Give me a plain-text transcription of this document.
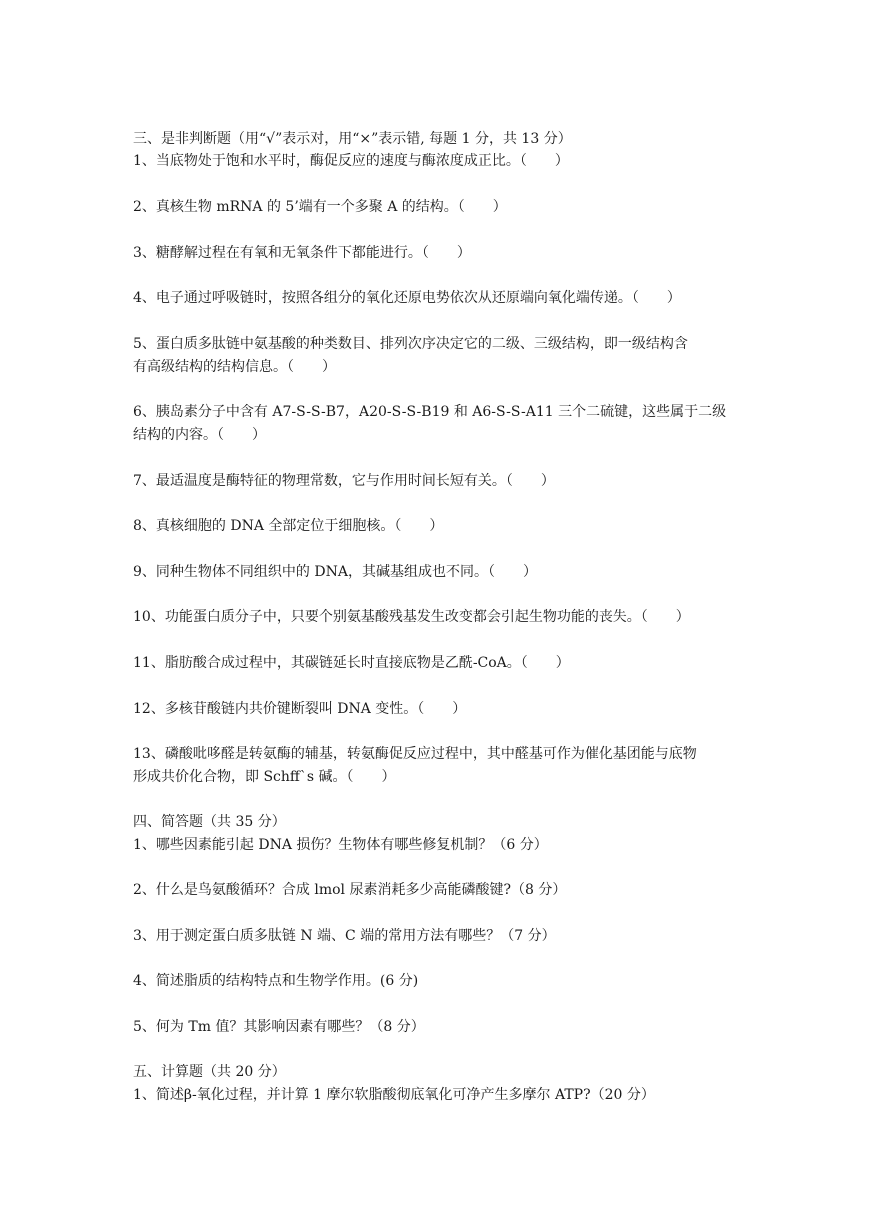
三、是非判断题（用“√”表示对，用“×”表示错, 每题 1 分，共 13 分）
1、当底物处于饱和水平时，酶促反应的速度与酶浓度成正比。（　　）
2、真核生物 mRNA 的 5’端有一个多聚 A 的结构。（　　）
3、糖酵解过程在有氧和无氧条件下都能进行。（　　）
4、电子通过呼吸链时，按照各组分的氧化还原电势依次从还原端向氧化端传递。（　　）
5、蛋白质多肽链中氨基酸的种类数目、排列次序决定它的二级、三级结构，即一级结构含
有高级结构的结构信息。（　　）
6、胰岛素分子中含有 A7-S-S-B7，A20-S-S-B19 和 A6-S-S-A11 三个二硫键，这些属于二级
结构的内容。（　　）
7、最适温度是酶特征的物理常数，它与作用时间长短有关。（　　）
8、真核细胞的 DNA 全部定位于细胞核。（　　）
9、同种生物体不同组织中的 DNA，其碱基组成也不同。（　　）
10、功能蛋白质分子中，只要个别氨基酸残基发生改变都会引起生物功能的丧失。（　　）
11、脂肪酸合成过程中，其碳链延长时直接底物是乙酰-CoA。（　　）
12、多核苷酸链内共价键断裂叫 DNA 变性。（　　）
13、磷酸吡哆醛是转氨酶的辅基，转氨酶促反应过程中，其中醛基可作为催化基团能与底物
形成共价化合物，即 Schff`s 碱。（　　）
四、简答题（共 35 分）
1、哪些因素能引起 DNA 损伤？生物体有哪些修复机制？（6 分）
2、什么是鸟氨酸循环？合成 lmol 尿素消耗多少高能磷酸键?（8 分）
3、用于测定蛋白质多肽链 N 端、C 端的常用方法有哪些？（7 分）
4、简述脂质的结构特点和生物学作用。(6 分)
5、何为 Tm 值？其影响因素有哪些？（8 分）
五、计算题（共 20 分）
1、简述β-氧化过程，并计算 1 摩尔软脂酸彻底氧化可净产生多摩尔 ATP?（20 分）
